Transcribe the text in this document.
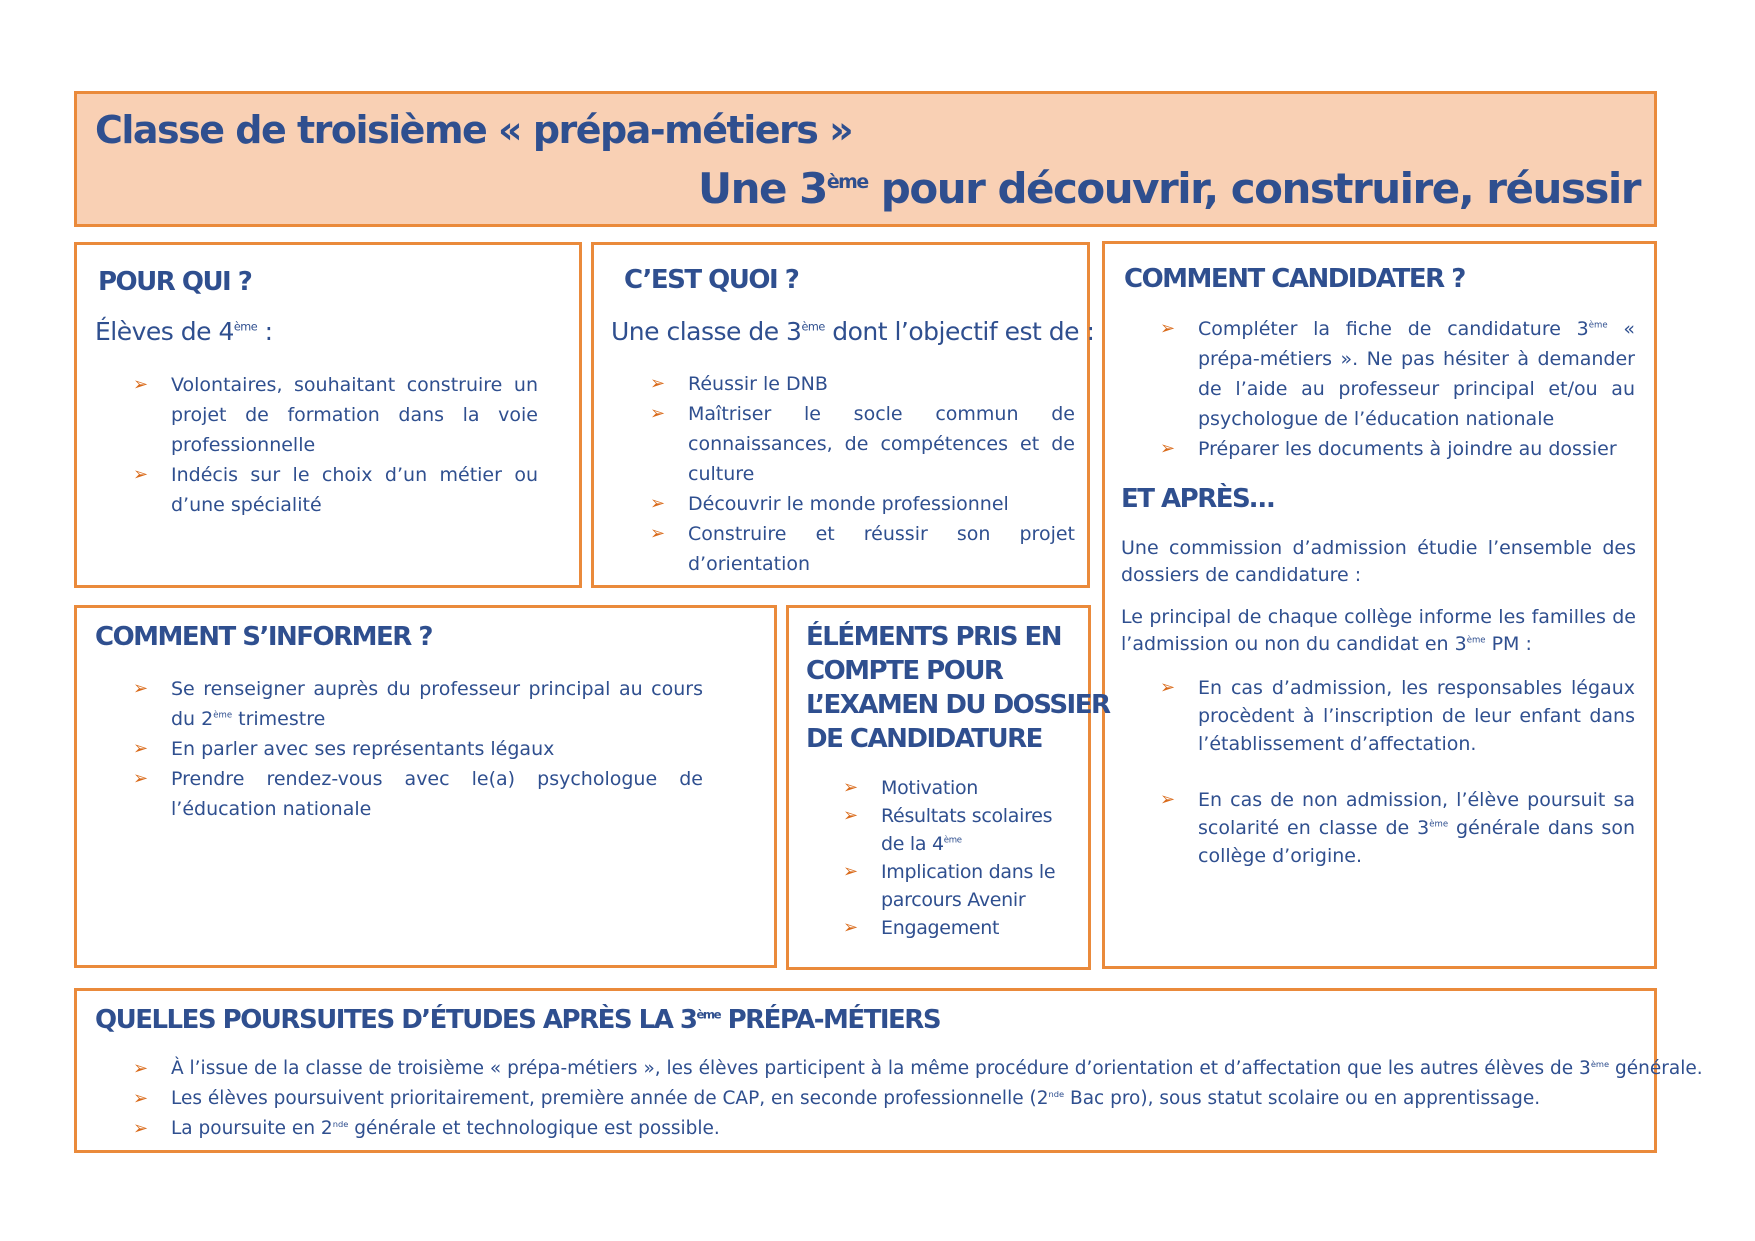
Classe de troisième « prépa-métiers »
Une 3ème pour découvrir, construire, réussir
POUR QUI ?
Élèves de 4ème :
➢ Volontaires, souhaitant construire un projet de formation dans la voie professionnelle
➢ Indécis sur le choix d’un métier ou d’une spécialité
C’EST QUOI ?
Une classe de 3ème dont l’objectif est de :
➢ Réussir le DNB
➢ Maîtriser le socle commun de connaissances, de compétences et de culture
➢ Découvrir le monde professionnel
➢ Construire et réussir son projet d’orientation
COMMENT CANDIDATER ?
➢ Compléter la fiche de candidature 3ème « prépa-métiers ». Ne pas hésiter à demander de l’aide au professeur principal et/ou au psychologue de l’éducation nationale
➢ Préparer les documents à joindre au dossier
ET APRÈS…
Une commission d’admission étudie l’ensemble des dossiers de candidature :
Le principal de chaque collège informe les familles de l’admission ou non du candidat en 3ème PM :
➢ En cas d’admission, les responsables légaux procèdent à l’inscription de leur enfant dans l’établissement d’affectation.
➢ En cas de non admission, l’élève poursuit sa scolarité en classe de 3ème générale dans son collège d’origine.
COMMENT S’INFORMER ?
➢ Se renseigner auprès du professeur principal au cours du 2ème trimestre
➢ En parler avec ses représentants légaux
➢ Prendre rendez-vous avec le(a) psychologue de l’éducation nationale
ÉLÉMENTS PRIS EN
COMPTE POUR
L’EXAMEN DU DOSSIER
DE CANDIDATURE
➢ Motivation
➢ Résultats scolaires de la 4ème
➢ Implication dans le parcours Avenir
➢ Engagement
QUELLES POURSUITES D’ÉTUDES APRÈS LA 3ème PRÉPA-MÉTIERS
➢ À l’issue de la classe de troisième « prépa-métiers », les élèves participent à la même procédure d’orientation et d’affectation que les autres élèves de 3ème générale.
➢ Les élèves poursuivent prioritairement, première année de CAP, en seconde professionnelle (2nde Bac pro), sous statut scolaire ou en apprentissage.
➢ La poursuite en 2nde générale et technologique est possible.
